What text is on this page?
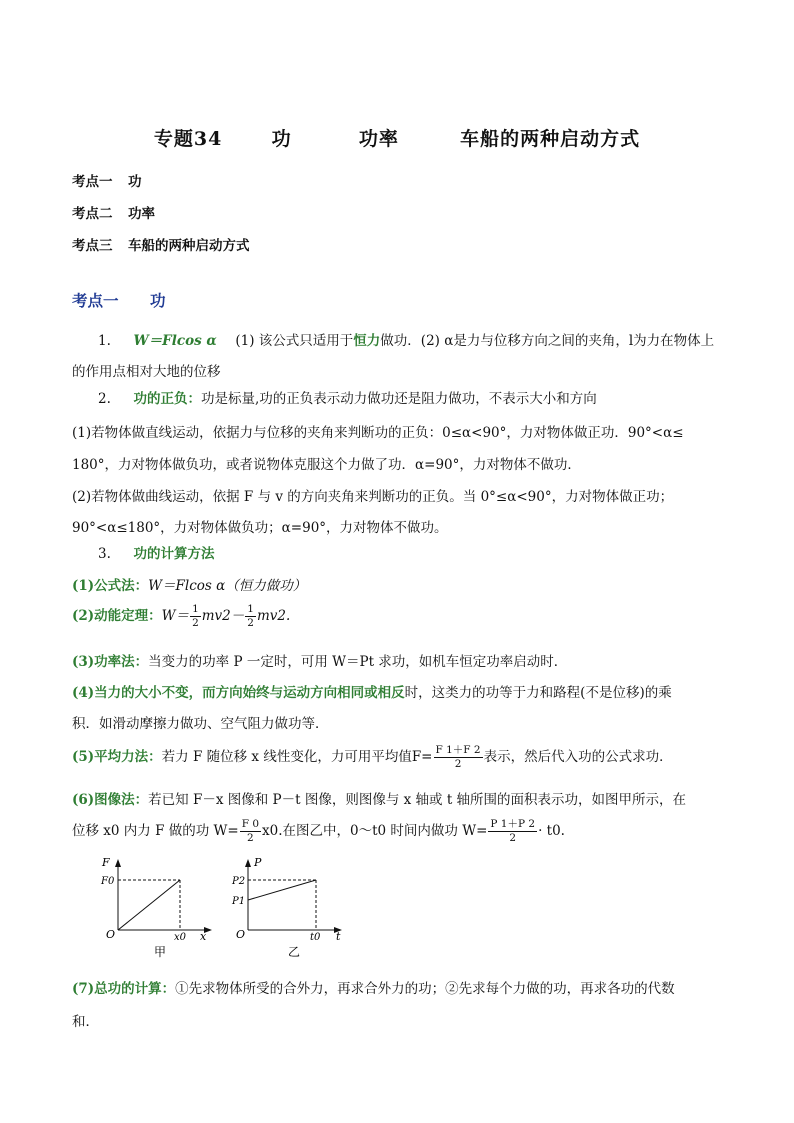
专题34	功	功率	车船的两种启动方式
考点一 功
考点二 功率
考点三 车船的两种启动方式
考点一 功
1. W＝Flcos α (1) 该公式只适用于恒力做功．(2) α是力与位移方向之间的夹角，l为力在物体上
的作用点相对大地的位移
2. 功的正负：功是标量,功的正负表示动力做功还是阻力做功，不表示大小和方向
(1)若物体做直线运动，依据力与位移的夹角来判断功的正负：0≤α<90°，力对物体做正功．90°<α≤
180°，力对物体做负功，或者说物体克服这个力做了功．α=90°，力对物体不做功．
(2)若物体做曲线运动，依据 F 与 v 的方向夹角来判断功的正负。当 0°≤α<90°，力对物体做正功；
90°<α≤180°，力对物体做负功；α=90°，力对物体不做功。
3. 功的计算方法
(1)公式法：W＝Flcos α（恒力做功）
(2)动能定理：$W= \frac{1}{2} mv2- \frac{1}{2} mv2$.
(3)功率法：当变力的功率 P 一定时，可用 W＝Pt 求功，如机车恒定功率启动时．
(4)当力的大小不变，而方向始终与运动方向相同或相反时，这类力的功等于力和路程(不是位移)的乘
积．如滑动摩擦力做功、空气阻力做功等．
(5)平均力法：若力 F 随位移 x 线性变化，力可用平均值$F= \frac{F 1+F 2}{2}$ 表示，然后代入功的公式求功．
(6)图像法：若已知 F－x 图像和 P－t 图像，则图像与 x 轴或 t 轴所围的面积表示功，如图甲所示，在
位移 x0 内力 F 做的功 $W= \frac{F 0}{2} x0$.在图乙中，0～t0 时间内做功 $W= \frac{P 1+P 2}{2} \cdot t0$.
F
F0
O	x0 x
甲
P
P2
P1
O	t0 t
乙
(7)总功的计算：①先求物体所受的合外力，再求合外力的功；②先求每个力做的功，再求各功的代数
和．
